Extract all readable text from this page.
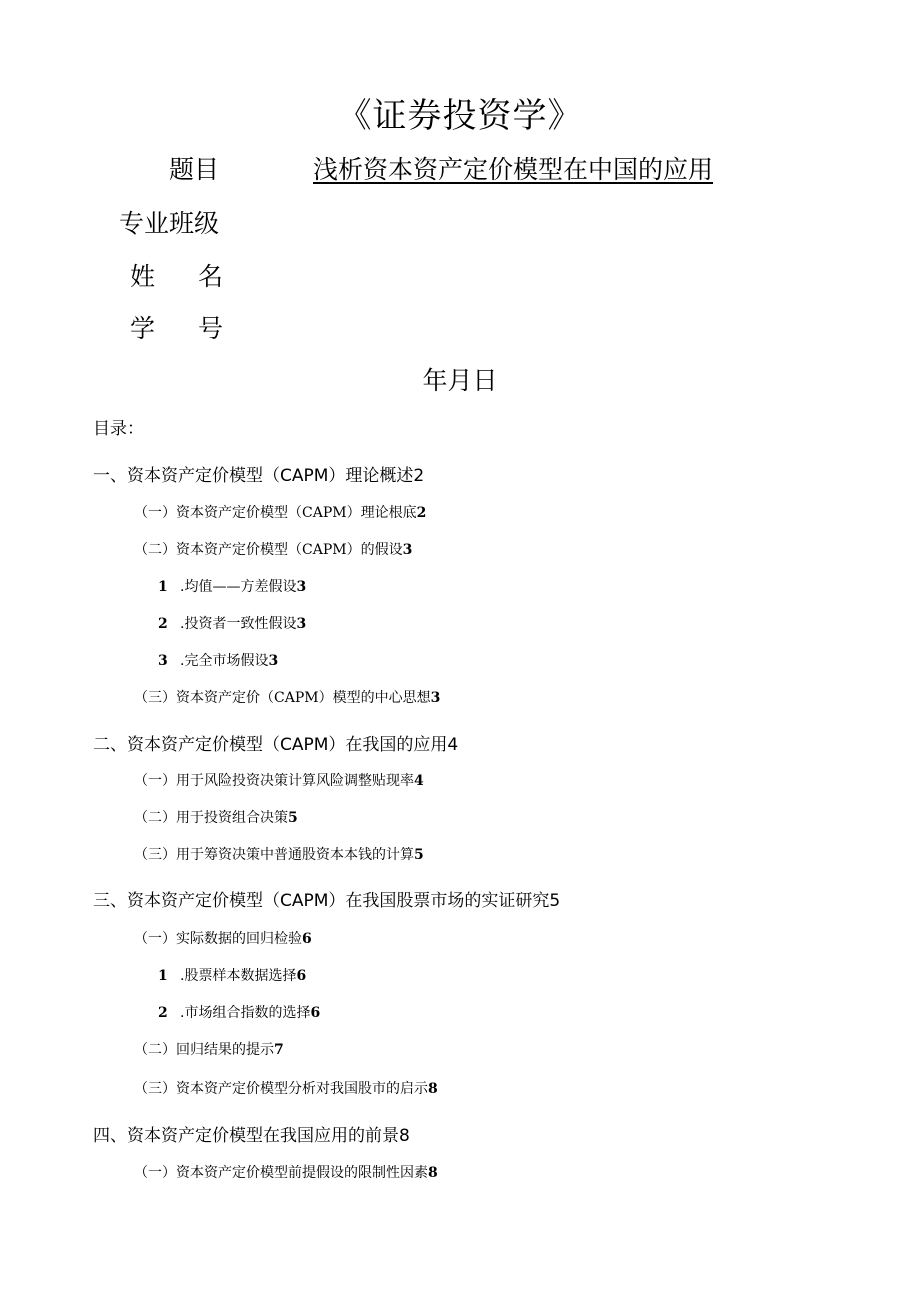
《证券投资学》
题目	浅析资本资产定价模型在中国的应用
专业班级
姓 名
学 号
年月日
目录：
一、资本资产定价模型（CAPM）理论概述2
（一）资本资产定价模型（CAPM）理论根底2
（二）资本资产定价模型（CAPM）的假设3
1 .均值——方差假设3
2 .投资者一致性假设3
3 .完全市场假设3
（三）资本资产定价（CAPM）模型的中心思想3
二、资本资产定价模型（CAPM）在我国的应用4
（一）用于风险投资决策计算风险调整贴现率4
（二）用于投资组合决策5
（三）用于筹资决策中普通股资本本钱的计算5
三、资本资产定价模型（CAPM）在我国股票市场的实证研究5
（一）实际数据的回归检验6
1 .股票样本数据选择6
2 .市场组合指数的选择6
（二）回归结果的提示7
（三）资本资产定价模型分析对我国股市的启示8
四、资本资产定价模型在我国应用的前景8
（一）资本资产定价模型前提假设的限制性因素8
